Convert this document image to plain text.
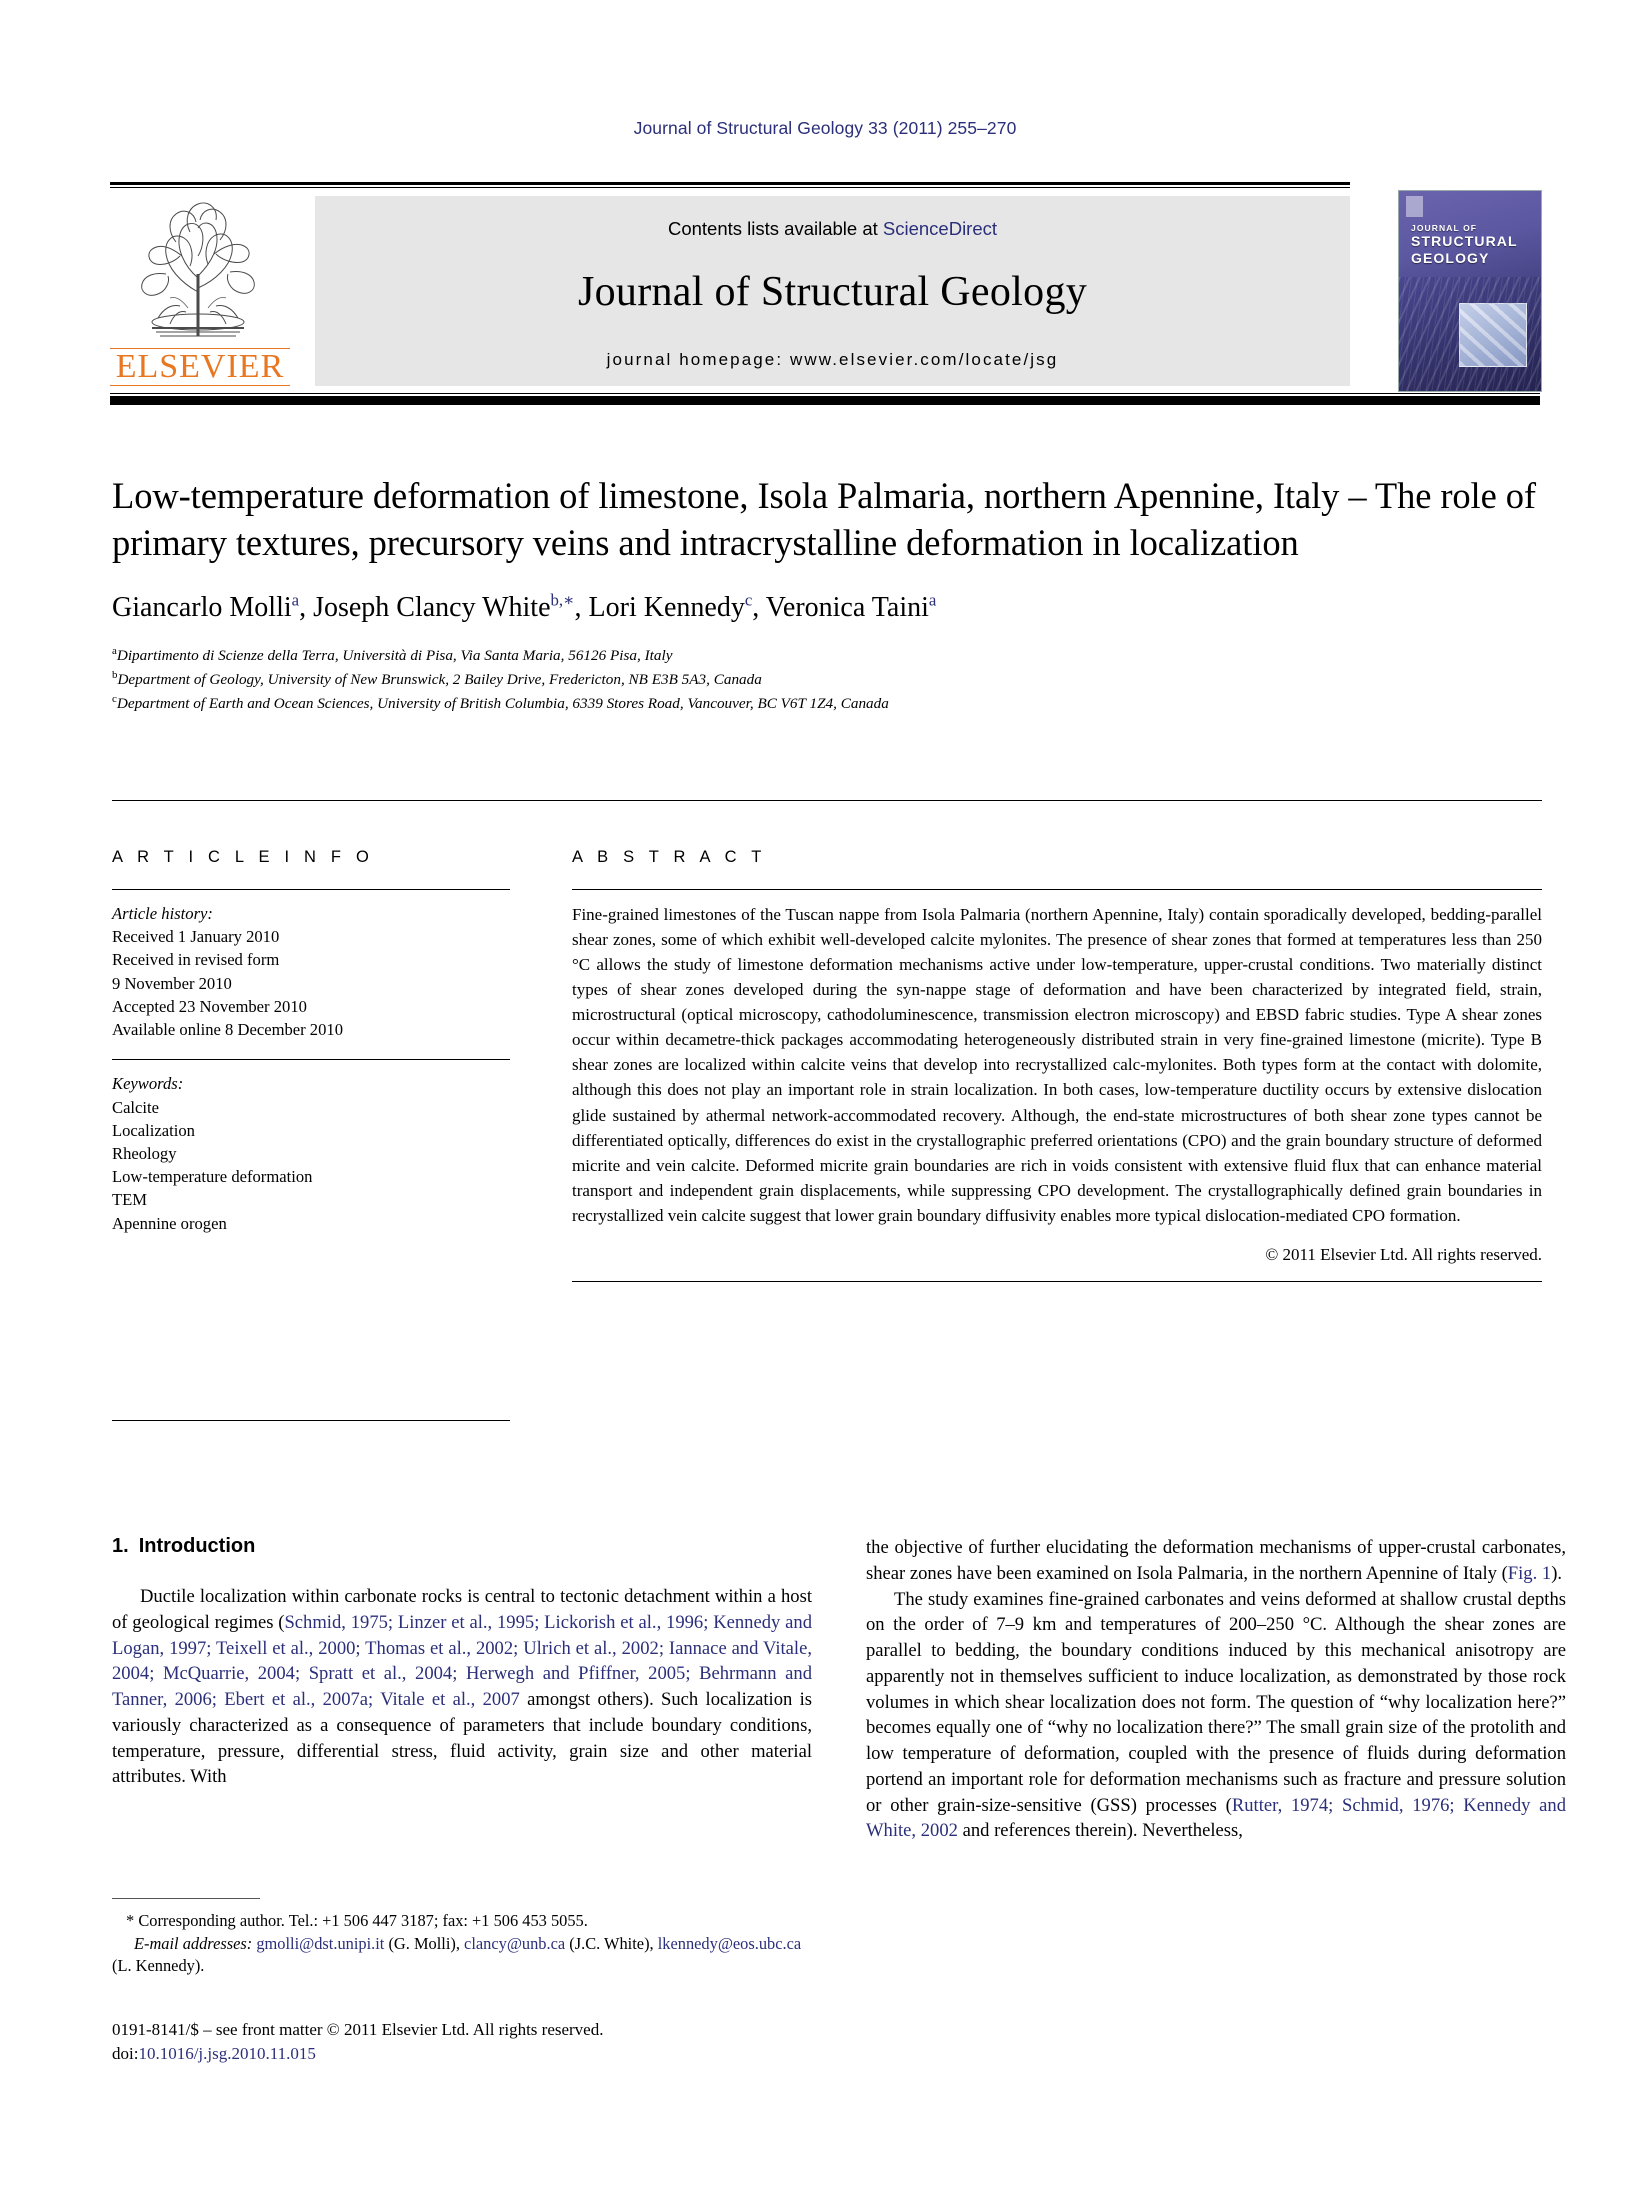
Journal of Structural Geology 33 (2011) 255–270
ELSEVIER
Contents lists available at ScienceDirect
Journal of Structural Geology
journal homepage: www.elsevier.com/locate/jsg
JOURNAL OF
STRUCTURAL
GEOLOGY
Low-temperature deformation of limestone, Isola Palmaria, northern Apennine, Italy – The role of primary textures, precursory veins and intracrystalline deformation in localization
Giancarlo Molli$^a$, Joseph Clancy White$^{b,∗}$, Lori Kennedy$^c$, Veronica Taini$^a$
$^a$Dipartimento di Scienze della Terra, Università di Pisa, Via Santa Maria, 56126 Pisa, Italy
$^b$Department of Geology, University of New Brunswick, 2 Bailey Drive, Fredericton, NB E3B 5A3, Canada
$^c$Department of Earth and Ocean Sciences, University of British Columbia, 6339 Stores Road, Vancouver, BC V6T 1Z4, Canada
A R T I C L E I N F O
Article history:
Received 1 January 2010
Received in revised form
9 November 2010
Accepted 23 November 2010
Available online 8 December 2010
Keywords:
Calcite
Localization
Rheology
Low-temperature deformation
TEM
Apennine orogen
A B S T R A C T
Fine-grained limestones of the Tuscan nappe from Isola Palmaria (northern Apennine, Italy) contain sporadically developed, bedding-parallel shear zones, some of which exhibit well-developed calcite mylonites. The presence of shear zones that formed at temperatures less than 250 °C allows the study of limestone deformation mechanisms active under low-temperature, upper-crustal conditions. Two materially distinct types of shear zones developed during the syn-nappe stage of deformation and have been characterized by integrated field, strain, microstructural (optical microscopy, cathodoluminescence, transmission electron microscopy) and EBSD fabric studies. Type A shear zones occur within decametre-thick packages accommodating heterogeneously distributed strain in very fine-grained limestone (micrite). Type B shear zones are localized within calcite veins that develop into recrystallized calc-mylonites. Both types form at the contact with dolomite, although this does not play an important role in strain localization. In both cases, low-temperature ductility occurs by extensive dislocation glide sustained by athermal network-accommodated recovery. Although, the end-state microstructures of both shear zone types cannot be differentiated optically, differences do exist in the crystallographic preferred orientations (CPO) and the grain boundary structure of deformed micrite and vein calcite. Deformed micrite grain boundaries are rich in voids consistent with extensive fluid flux that can enhance material transport and independent grain displacements, while suppressing CPO development. The crystallographically defined grain boundaries in recrystallized vein calcite suggest that lower grain boundary diffusivity enables more typical dislocation-mediated CPO formation.
© 2011 Elsevier Ltd. All rights reserved.
1. Introduction

Ductile localization within carbonate rocks is central to tectonic detachment within a host of geological regimes (Schmid, 1975; Linzer et al., 1995; Lickorish et al., 1996; Kennedy and Logan, 1997; Teixell et al., 2000; Thomas et al., 2002; Ulrich et al., 2002; Iannace and Vitale, 2004; McQuarrie, 2004; Spratt et al., 2004; Herwegh and Pfiffner, 2005; Behrmann and Tanner, 2006; Ebert et al., 2007a; Vitale et al., 2007 amongst others). Such localization is variously characterized as a consequence of parameters that include boundary conditions, temperature, pressure, differential stress, fluid activity, grain size and other material attributes. With

the objective of further elucidating the deformation mechanisms of upper-crustal carbonates, shear zones have been examined on Isola Palmaria, in the northern Apennine of Italy (Fig. 1).

The study examines fine-grained carbonates and veins deformed at shallow crustal depths on the order of 7–9 km and temperatures of 200–250 °C. Although the shear zones are parallel to bedding, the boundary conditions induced by this mechanical anisotropy are apparently not in themselves sufficient to induce localization, as demonstrated by those rock volumes in which shear localization does not form. The question of “why localization here?” becomes equally one of “why no localization there?” The small grain size of the protolith and low temperature of deformation, coupled with the presence of fluids during deformation portend an important role for deformation mechanisms such as fracture and pressure solution or other grain-size-sensitive (GSS) processes (Rutter, 1974; Schmid, 1976; Kennedy and White, 2002 and references therein). Nevertheless,

* Corresponding author. Tel.: +1 506 447 3187; fax: +1 506 453 5055.
E-mail addresses: gmolli@dst.unipi.it (G. Molli), clancy@unb.ca (J.C. White), lkennedy@eos.ubc.ca (L. Kennedy).
0191-8141/$ – see front matter © 2011 Elsevier Ltd. All rights reserved.
doi:10.1016/j.jsg.2010.11.015
